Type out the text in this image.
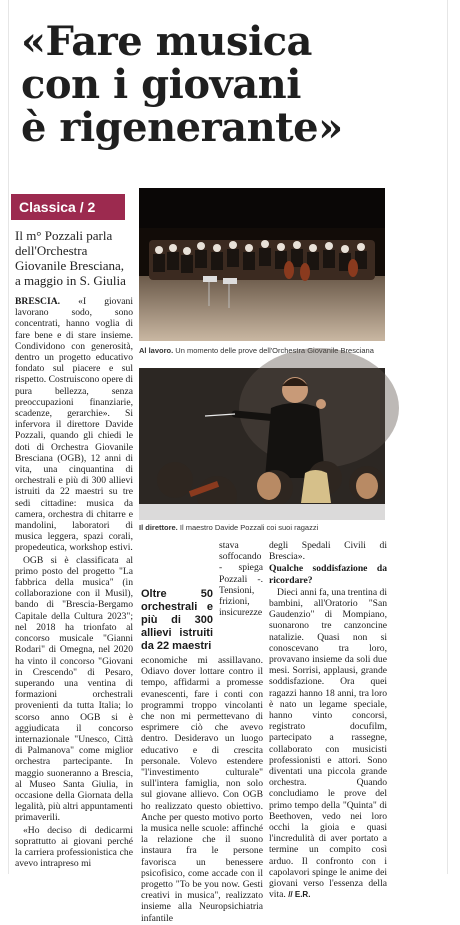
«Fare musica
con i giovani
è rigenerante»
Classica / 2
Il m° Pozzali parla dell'Orchestra Giovanile Bresciana, a maggio in S. Giulia
Al lavoro. Un momento delle prove dell'Orchestra Giovanile Bresciana
Il direttore. Il maestro Davide Pozzali coi suoi ragazzi

BRESCIA. «I giovani lavorano sodo, sono concentrati, hanno voglia di fare bene e di stare insieme. Condividono con generosità, dentro un progetto educativo fondato sul piacere e sul rispetto. Costruiscono opere di pura bellezza, senza preoccupazioni finanziarie, scadenze, gerarchie». Si infervora il direttore Davide Pozzali, quando gli chiedi le doti di Orchestra Giovanile Bresciana (OGB), 12 anni di vita, una cinquantina di orchestrali e più di 300 allievi istruiti da 22 maestri su tre sedi cittadine: musica da camera, orchestra di chitarre e mandolini, laboratori di musica leggera, spazi corali, propedeutica, workshop estivi.

OGB si è classificata al primo posto del progetto "La fabbrica della musica" (in collaborazione con il Musil), bando di "Brescia-Bergamo Capitale della Cultura 2023"; nel 2018 ha trionfato al concorso musicale "Gianni Rodari" di Omegna, nel 2020 ha vinto il concorso "Giovani in Crescendo" di Pesaro, superando una ventina di formazioni orchestrali provenienti da tutta Italia; lo scorso anno OGB si è aggiudicata il concorso internazionale "Unesco, Città di Palmanova" come miglior orchestra partecipante. In maggio suoneranno a Brescia, al Museo Santa Giulia, in occasione della Giornata della legalità, più altri appuntamenti primaverili.

«Ho deciso di dedicarmi soprattutto ai giovani perché la carriera professionistica che avevo intrapreso mi

Oltre 50 orchestrali e più di 300 allievi istruiti da 22 maestri

stava soffocando - spiega Pozzali -. Tensioni, frizioni, insicurezze economiche mi assillavano. Odiavo dover lottare contro il tempo, affidarmi a promesse evanescenti, fare i conti con programmi troppo vincolanti che non mi permettevano di esprimere ciò che avevo dentro. Desideravo un luogo educativo e di crescita personale. Volevo estendere "l'investimento culturale" sull'intera famiglia, non solo sul giovane allievo. Con OGB ho realizzato questo obiettivo. Anche per questo motivo porto la musica nelle scuole: affinché la relazione che il suono instaura fra le persone favorisca un benessere psicofisico, come accade con il progetto "To be you now. Gesti creativi in musica", realizzato insieme alla Neuropsichiatria infantile

degli Spedali Civili di Brescia».

Qualche soddisfazione da ricordare?

Dieci anni fa, una trentina di bambini, all'Oratorio "San Gaudenzio" di Mompiano, suonarono tre canzoncine natalizie. Quasi non si conoscevano tra loro, provavano insieme da soli due mesi. Sorrisi, applausi, grande soddisfazione. Ora quei ragazzi hanno 18 anni, tra loro è nato un legame speciale, hanno vinto concorsi, registrato docufilm, partecipato a rassegne, collaborato con musicisti professionisti e attori. Sono diventati una piccola grande orchestra. Quando concludiamo le prove del primo tempo della "Quinta" di Beethoven, vedo nei loro occhi la gioia e quasi l'incredulità di aver portato a termine un compito così arduo. Il confronto con i capolavori spinge le anime dei giovani verso l'essenza della vita. // E.R.
